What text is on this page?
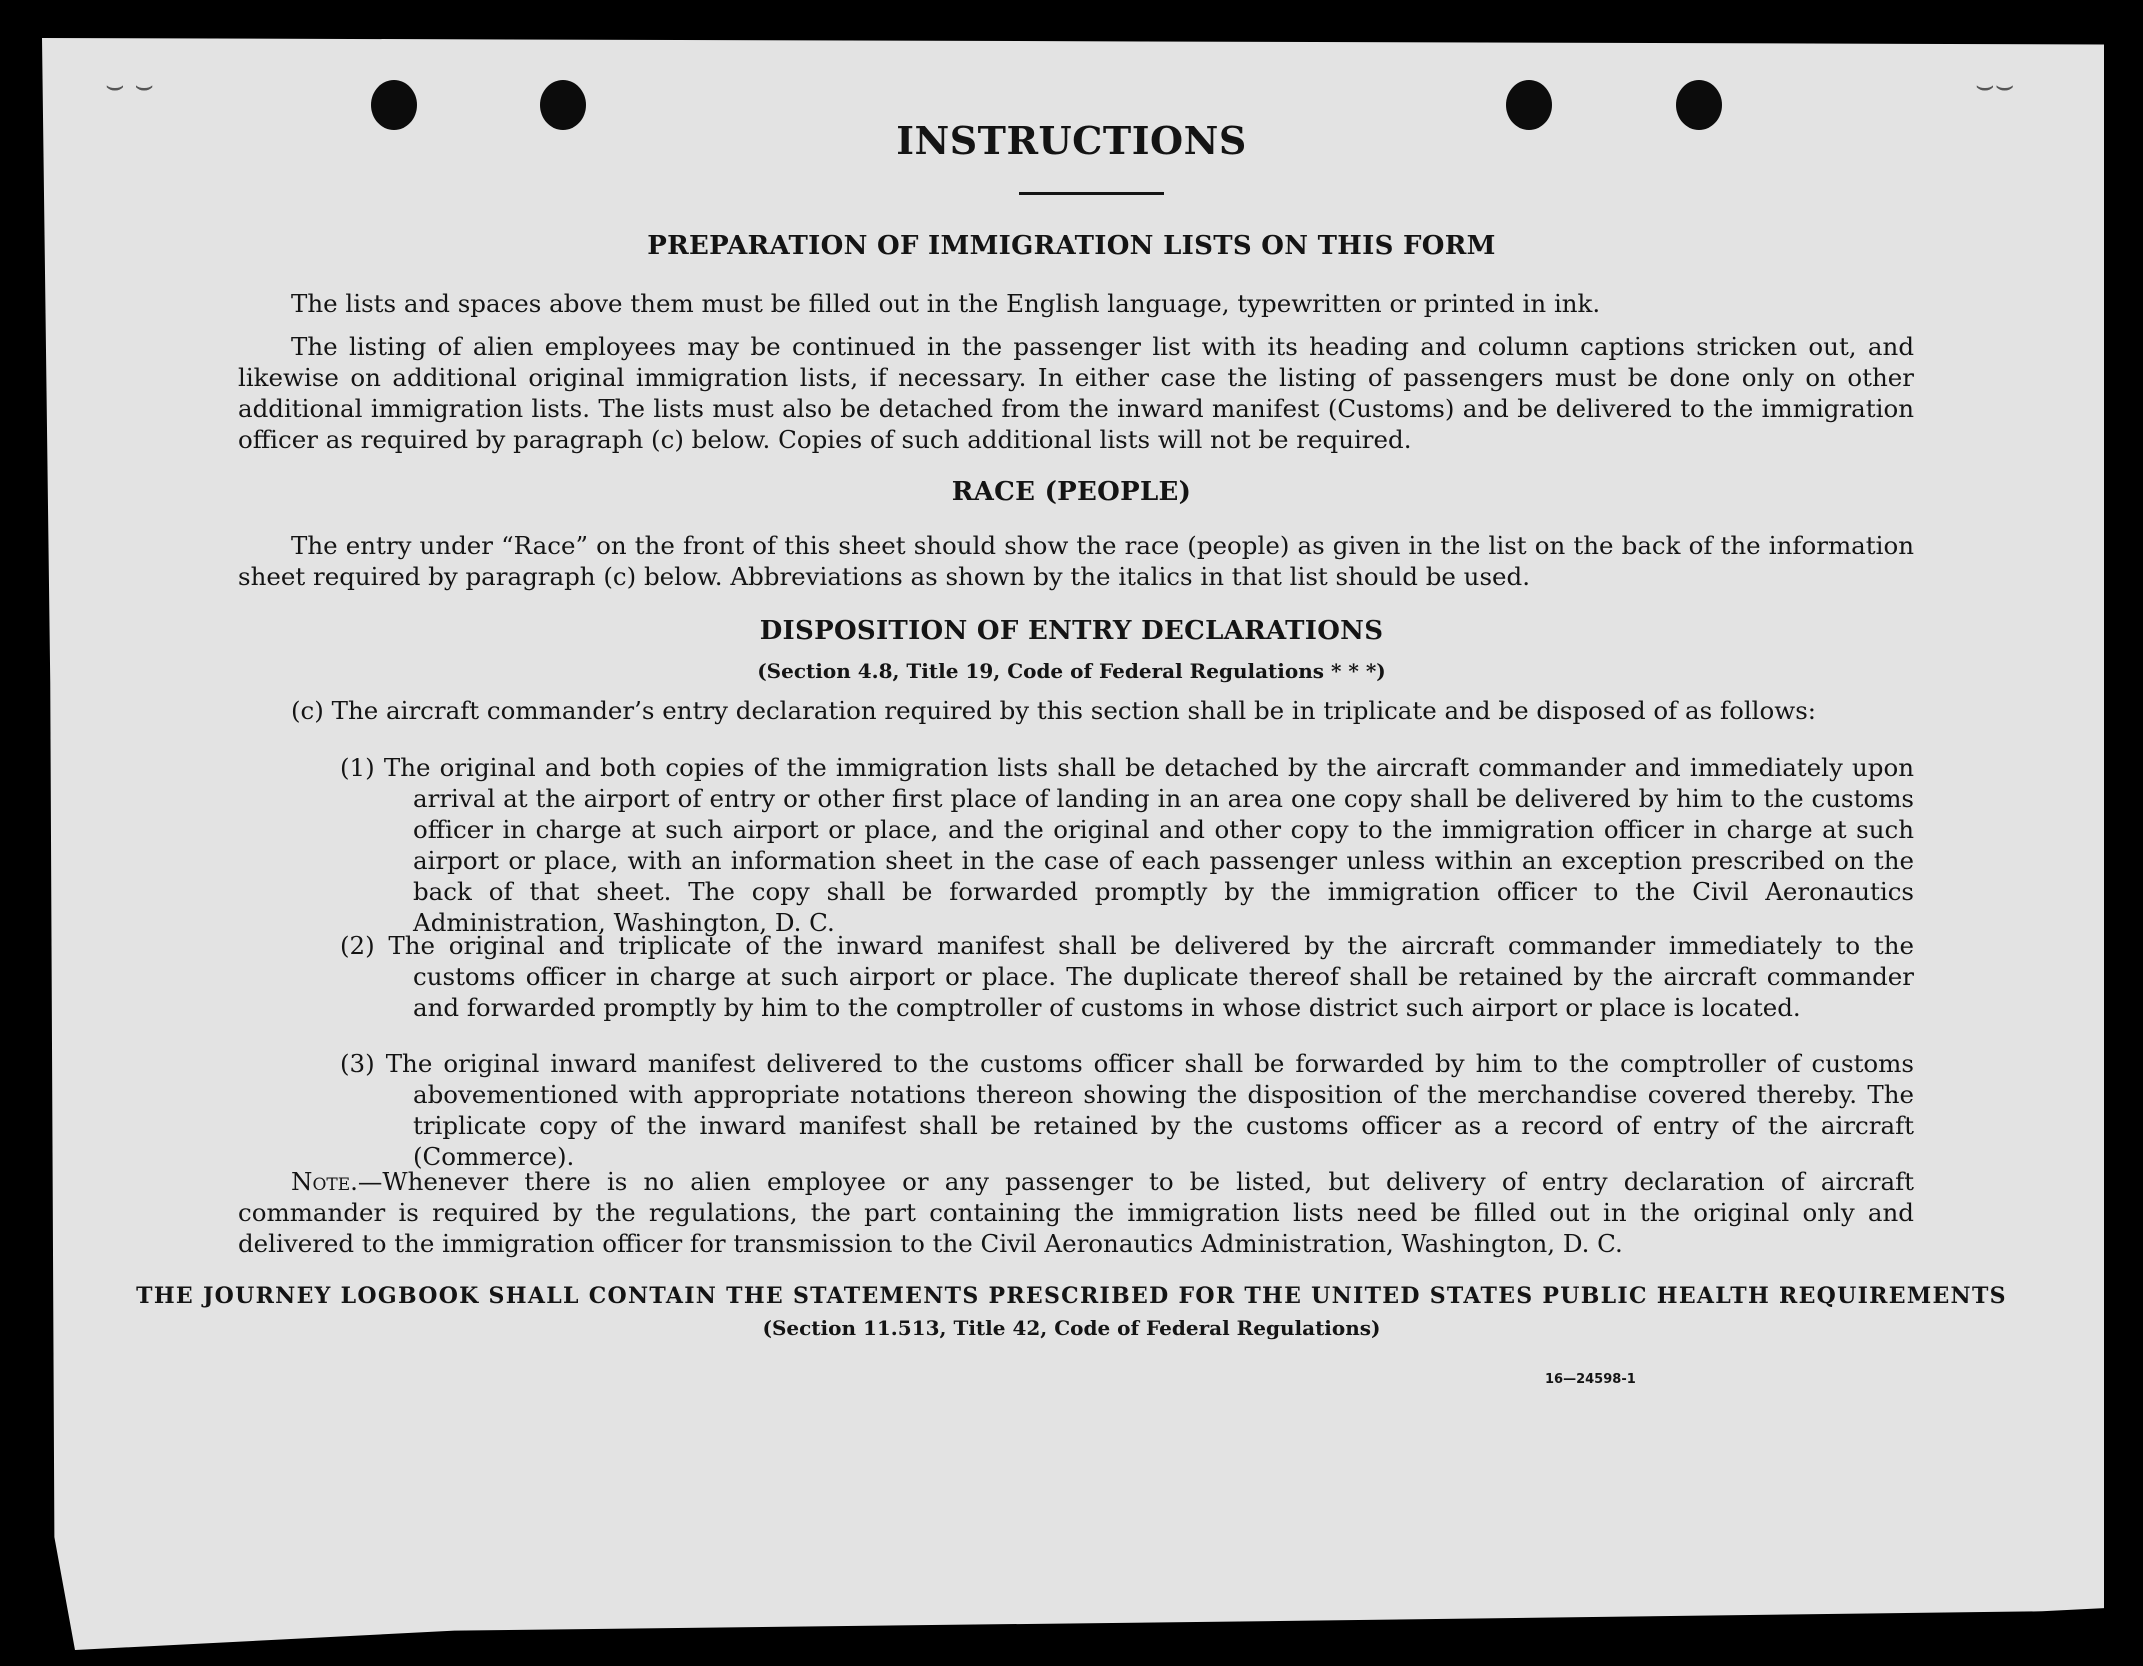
⌣ ⌣	⌣⌣
INSTRUCTIONS
PREPARATION OF IMMIGRATION LISTS ON THIS FORM
The lists and spaces above them must be filled out in the English language, typewritten or printed in ink.
The listing of alien employees may be continued in the passenger list with its heading and column captions stricken out, and likewise on additional original immigration lists, if necessary. In either case the listing of passengers must be done only on other additional immigration lists. The lists must also be detached from the inward manifest (Customs) and be delivered to the immigration officer as required by paragraph (c) below. Copies of such additional lists will not be required.
RACE (PEOPLE)
The entry under “Race” on the front of this sheet should show the race (people) as given in the list on the back of the information sheet required by paragraph (c) below. Abbreviations as shown by the italics in that list should be used.
DISPOSITION OF ENTRY DECLARATIONS
(Section 4.8, Title 19, Code of Federal Regulations * * *)
(c) The aircraft commander’s entry declaration required by this section shall be in triplicate and be disposed of as follows:
(1) The original and both copies of the immigration lists shall be detached by the aircraft commander and immediately upon arrival at the airport of entry or other first place of landing in an area one copy shall be delivered by him to the customs officer in charge at such airport or place, and the original and other copy to the immigration officer in charge at such airport or place, with an information sheet in the case of each passenger unless within an exception prescribed on the back of that sheet. The copy shall be forwarded promptly by the immigration officer to the Civil Aeronautics Administration, Washington, D. C.
(2) The original and triplicate of the inward manifest shall be delivered by the aircraft commander immediately to the customs officer in charge at such airport or place. The duplicate thereof shall be retained by the aircraft commander and forwarded promptly by him to the comptroller of customs in whose district such airport or place is located.
(3) The original inward manifest delivered to the customs officer shall be forwarded by him to the comptroller of customs abovementioned with appropriate notations thereon showing the disposition of the merchandise covered thereby. The triplicate copy of the inward manifest shall be retained by the customs officer as a record of entry of the aircraft (Commerce).
Note.—Whenever there is no alien employee or any passenger to be listed, but delivery of entry declaration of aircraft commander is required by the regulations, the part containing the immigration lists need be filled out in the original only and delivered to the immigration officer for transmission to the Civil Aeronautics Administration, Washington, D. C.
THE JOURNEY LOGBOOK SHALL CONTAIN THE STATEMENTS PRESCRIBED FOR THE UNITED STATES PUBLIC HEALTH REQUIREMENTS
(Section 11.513, Title 42, Code of Federal Regulations)
16—24598-1
